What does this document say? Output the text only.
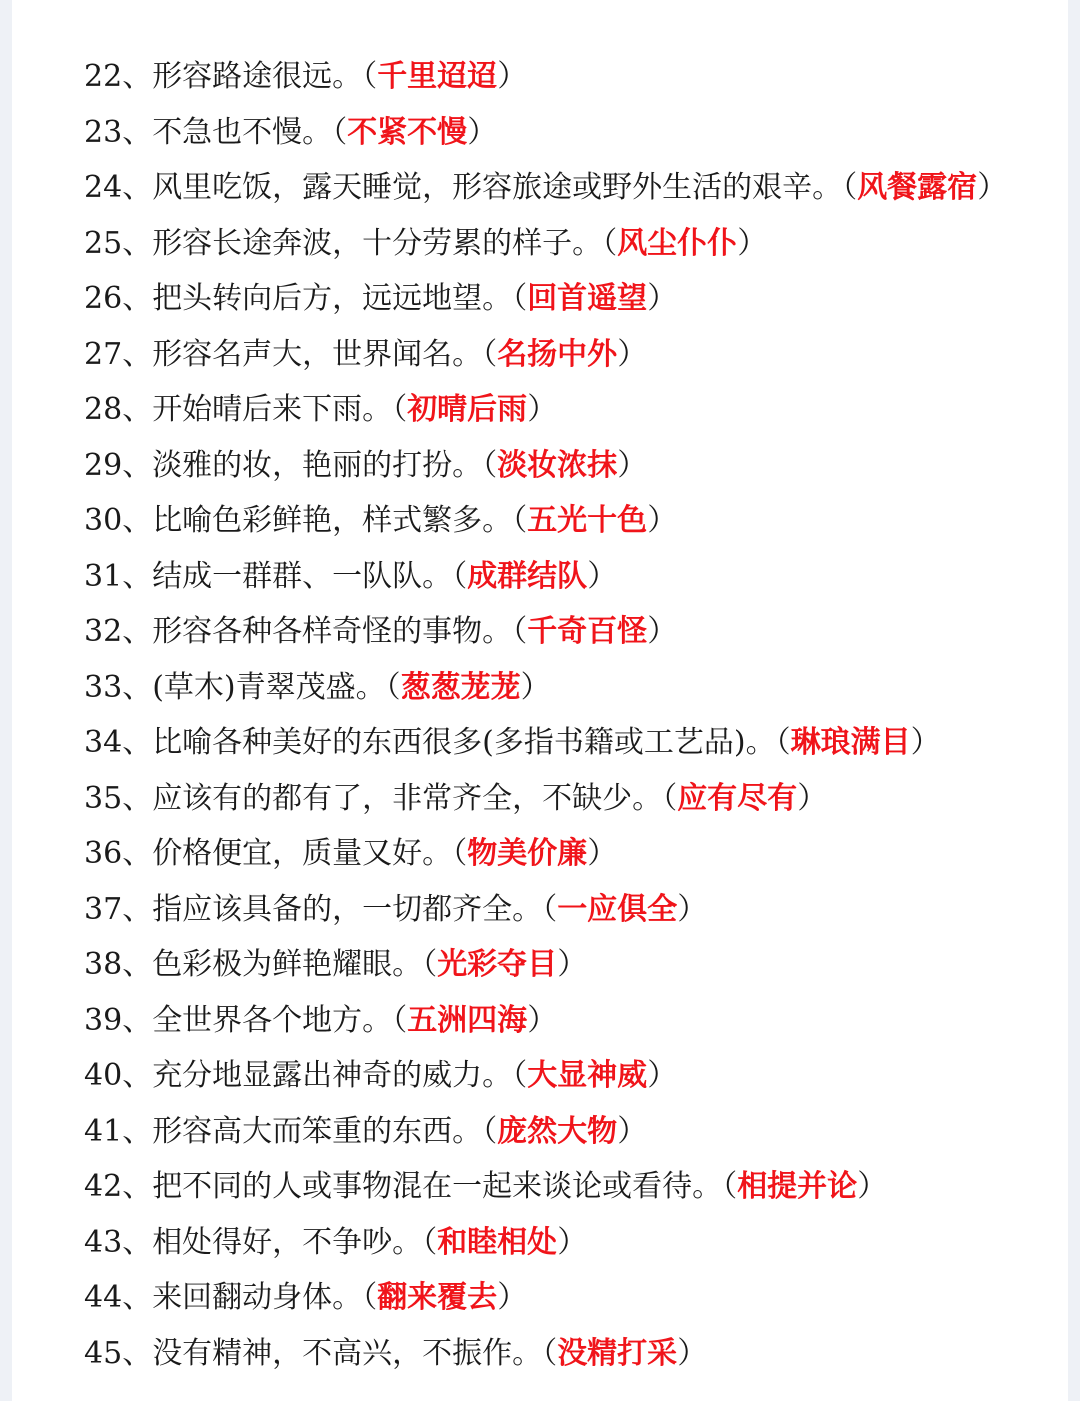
22、形容路途很远。（千里迢迢）
23、不急也不慢。（不紧不慢）
24、风里吃饭，露天睡觉，形容旅途或野外生活的艰辛。（风餐露宿）
25、形容长途奔波，十分劳累的样子。（风尘仆仆）
26、把头转向后方，远远地望。（回首遥望）
27、形容名声大，世界闻名。（名扬中外）
28、开始晴后来下雨。（初晴后雨）
29、淡雅的妆，艳丽的打扮。（淡妆浓抹）
30、比喻色彩鲜艳，样式繁多。（五光十色）
31、结成一群群、一队队。（成群结队）
32、形容各种各样奇怪的事物。（千奇百怪）
33、(草木)青翠茂盛。（葱葱茏茏）
34、比喻各种美好的东西很多(多指书籍或工艺品)。（琳琅满目）
35、应该有的都有了，非常齐全，不缺少。（应有尽有）
36、价格便宜，质量又好。（物美价廉）
37、指应该具备的，一切都齐全。（一应俱全）
38、色彩极为鲜艳耀眼。（光彩夺目）
39、全世界各个地方。（五洲四海）
40、充分地显露出神奇的威力。（大显神威）
41、形容高大而笨重的东西。（庞然大物）
42、把不同的人或事物混在一起来谈论或看待。（相提并论）
43、相处得好，不争吵。（和睦相处）
44、来回翻动身体。（翻来覆去）
45、没有精神，不高兴，不振作。（没精打采）
